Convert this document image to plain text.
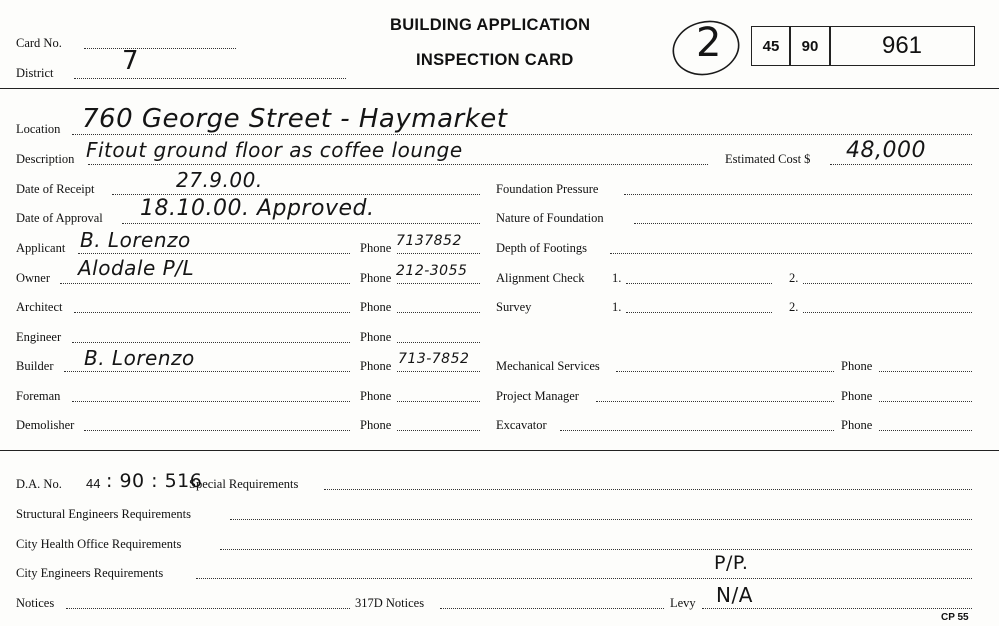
Card No.
District	7
BUILDING APPLICATION
INSPECTION CARD	2	45	90	961
Location 760 George Street - Haymarket
Description Fitout ground floor as coffee lounge	Estimated Cost $ 48,000
Date of Receipt	27.9.00.	Foundation Pressure
Date of Approval 18.10.00. Approved.	Nature of Foundation
Applicant B. Lorenzo	Phone 7137852	Depth of Footings
Owner Alodale P/L	Phone 212-3055 Alignment Check 1.	2.
Architect	Phone	Survey	1.	2.
Engineer	Phone
Builder B. Lorenzo	Phone 713-7852 Mechanical Services	Phone
Foreman	Phone	Project Manager	Phone
Demolisher	Phone	Excavator	Phone
D.A. No. 44 : 90 : 516
Special Requirements
Structural Engineers Requirements
City Health Office Requirements
City Engineers Requirements	P/P.
Notices	317D Notices	Levy N/A
CP 55
